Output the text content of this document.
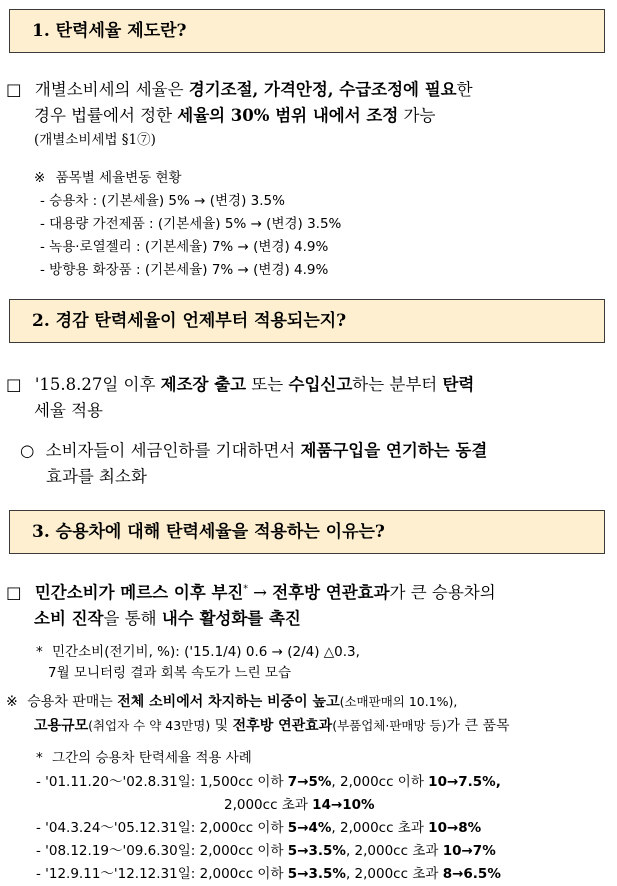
1. 탄력세율 제도란?
□ 개별소비세의 세율은 경기조절, 가격안정, 수급조정에 필요한
경우 법률에서 정한 세율의 30% 범위 내에서 조정 가능
(개별소비세법 §1⑦)
※ 품목별 세율변동 현황
- 승용차 : (기본세율) 5% → (변경) 3.5%
- 대용량 가전제품 : (기본세율) 5% → (변경) 3.5%
- 녹용·로열젤리 : (기본세율) 7% → (변경) 4.9%
- 방향용 화장품 : (기본세율) 7% → (변경) 4.9%
2. 경감 탄력세율이 언제부터 적용되는지?
□ '15.8.27일 이후 제조장 출고 또는 수입신고하는 분부터 탄력
세율 적용
○ 소비자들이 세금인하를 기대하면서 제품구입을 연기하는 동결
효과를 최소화
3. 승용차에 대해 탄력세율을 적용하는 이유는?
□ 민간소비가 메르스 이후 부진* → 전후방 연관효과가 큰 승용차의
소비 진작을 통해 내수 활성화를 촉진
* 민간소비(전기비, %): ('15.1/4) 0.6 → (2/4) △0.3,
7월 모니터링 결과 회복 속도가 느린 모습
※ 승용차 판매는 전체 소비에서 차지하는 비중이 높고(소매판매의 10.1%),
고용규모(취업자 수 약 43만명) 및 전후방 연관효과(부품업체·판매망 등)가 큰 품목
* 그간의 승용차 탄력세율 적용 사례
- '01.11.20～'02.8.31일: 1,500cc 이하 7→5%, 2,000cc 이하 10→7.5%,
2,000cc 초과 14→10%
- '04.3.24～'05.12.31일: 2,000cc 이하 5→4%, 2,000cc 초과 10→8%
- '08.12.19～'09.6.30일: 2,000cc 이하 5→3.5%, 2,000cc 초과 10→7%
- '12.9.11～'12.12.31일: 2,000cc 이하 5→3.5%, 2,000cc 초과 8→6.5%
